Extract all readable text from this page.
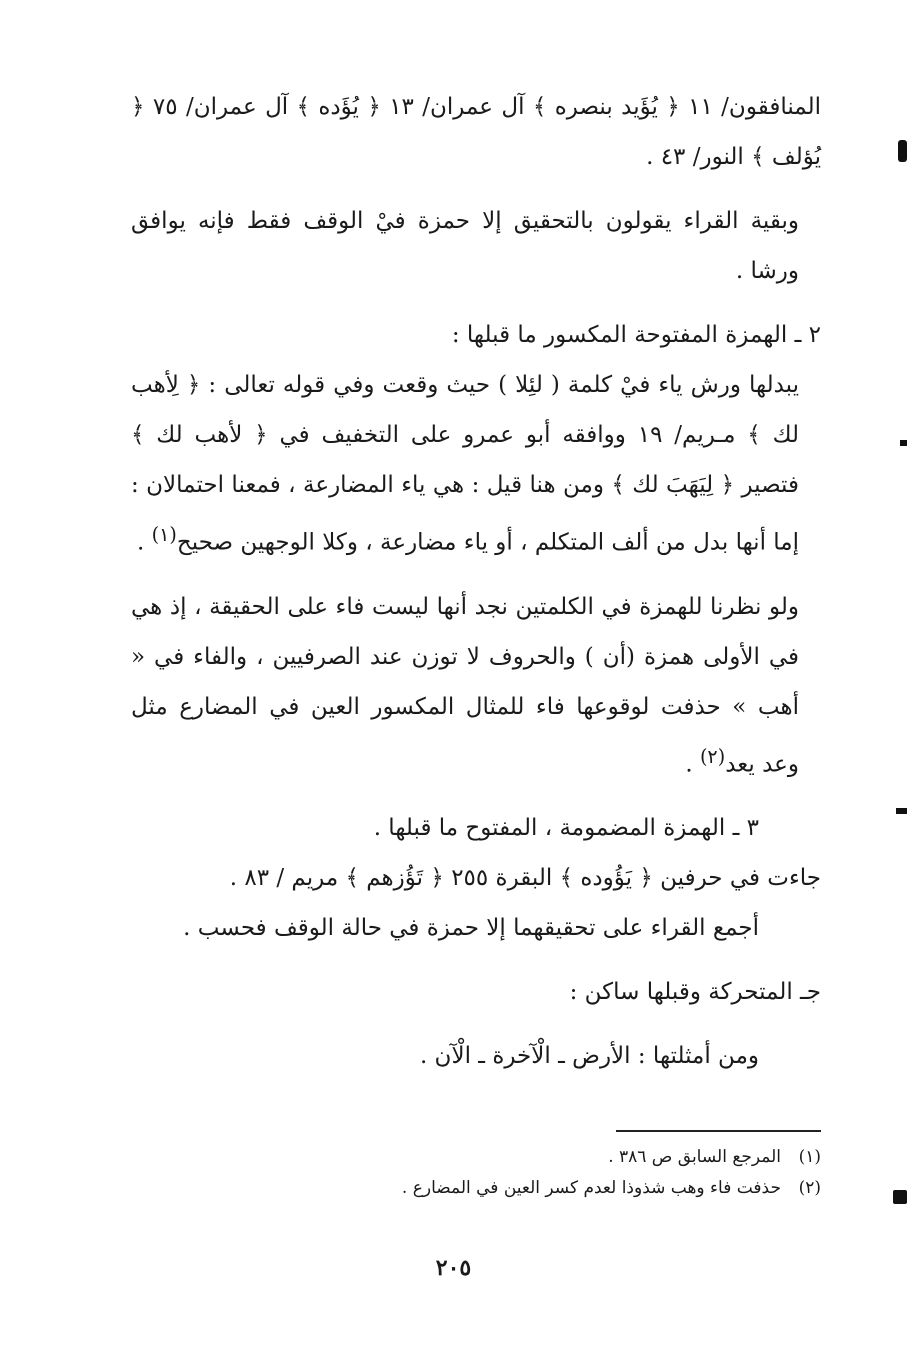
المنافقون/ ١١ ﴿ يُؤَيد بنصره ﴾ آل عمران/ ١٣ ﴿ يُؤَده ﴾ آل عمران/ ٧٥ ﴿ يُؤلف ﴾ النور/ ٤٣ .

وبقية القراء يقولون بالتحقيق إلا حمزة فيْ الوقف فقط فإنه يوافق ورشا .

٢ ـ الهمزة المفتوحة المكسور ما قبلها :

يبدلها ورش ياء فيْ كلمة ( لئِلا ) حيث وقعت وفي قوله تعالى : ﴿ لِأهب لك ﴾ مـريم/ ١٩ ووافقه أبو عمرو على التخفيف في ﴿ لأهب لك ﴾ فتصير ﴿ لِيَهَبَ لك ﴾ ومن هنا قيل : هي ياء المضارعة ، فمعنا احتمالان : إما أنها بدل من ألف المتكلم ، أو ياء مضارعة ، وكلا الوجهين صحيح$^{(١)}$ .

ولو نظرنا للهمزة في الكلمتين نجد أنها ليست فاء على الحقيقة ، إذ هي في الأولى همزة (أن ) والحروف لا توزن عند الصرفيين ، والفاء في « أهب » حذفت لوقوعها فاء للمثال المكسور العين في المضارع مثل وعد يعد$^{(٢)}$ .

٣ ـ الهمزة المضمومة ، المفتوح ما قبلها .

جاءت في حرفين ﴿ يَؤُوده ﴾ البقرة ٢٥٥ ﴿ تَؤُزهم ﴾ مريم / ٨٣ .

أجمع القراء على تحقيقهما إلا حمزة في حالة الوقف فحسب .

جـ المتحركة وقبلها ساكن :

ومن أمثلتها : الأرض ـ الْآخرة ـ الْآن .

(١)المرجع السابق ص ٣٨٦ .

(٢)حذفت فاء وهب شذوذا لعدم كسر العين في المضارع .

٢٠٥
